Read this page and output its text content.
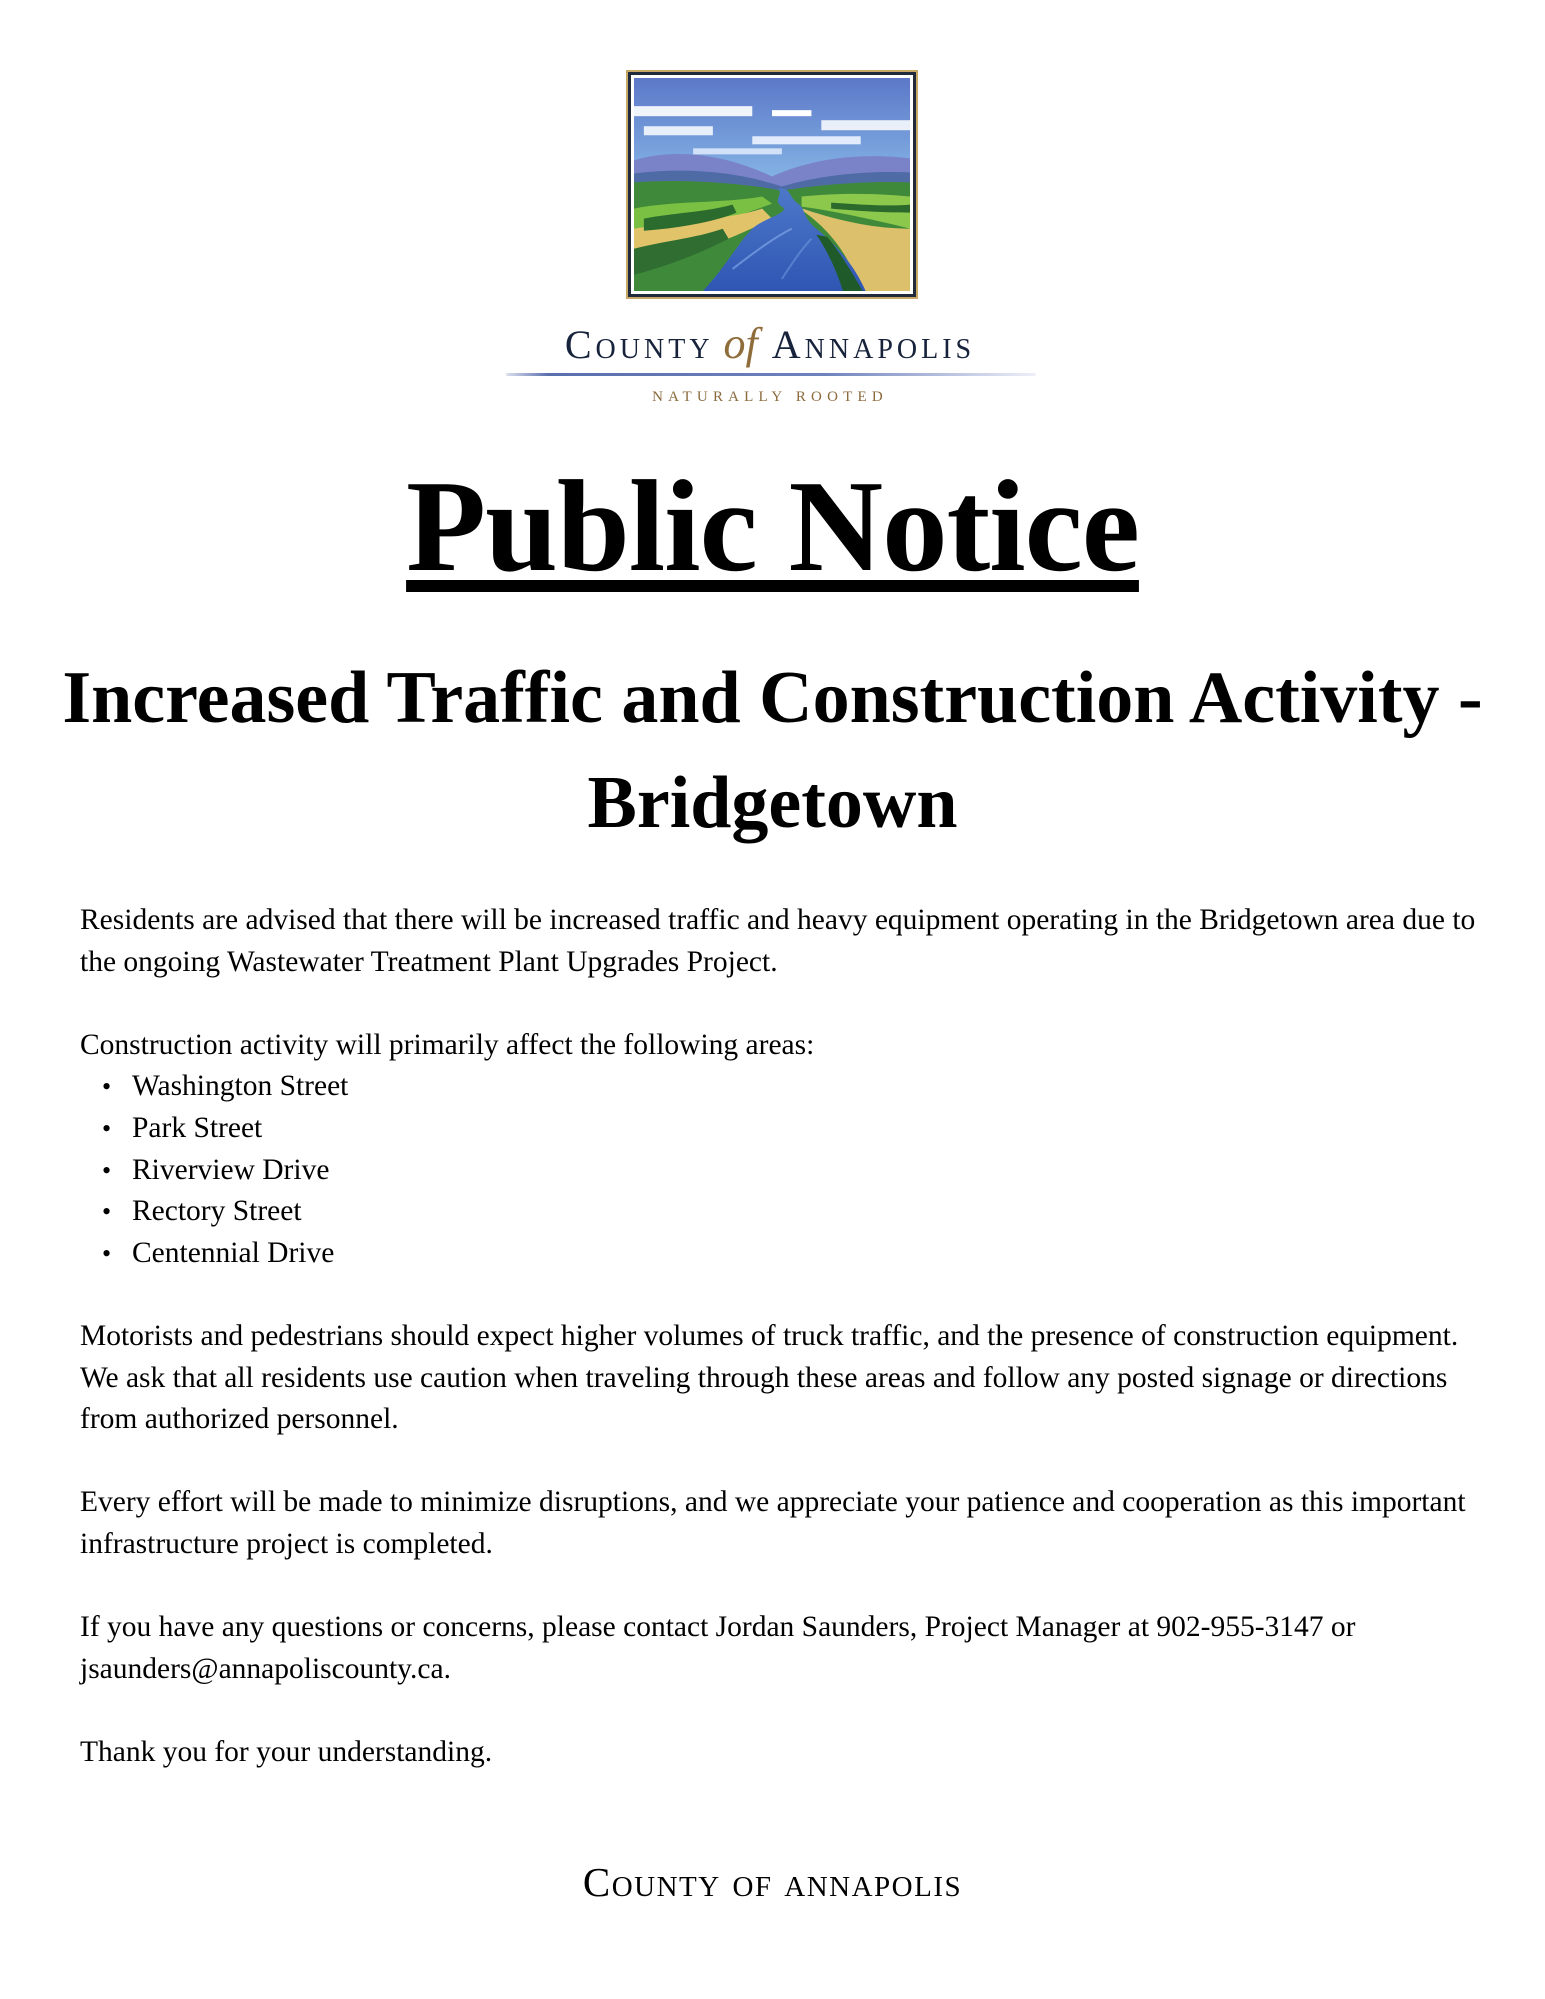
County of Annapolis
NATURALLY ROOTED
Public Notice
Increased Traffic and Construction Activity - Bridgetown

Residents are advised that there will be increased traffic and heavy equipment operating in the Bridgetown area due to the ongoing Wastewater Treatment Plant Upgrades Project.

Construction activity will primarily affect the following areas:

• Washington Street
• Park Street
• Riverview Drive
• Rectory Street
• Centennial Drive

Motorists and pedestrians should expect higher volumes of truck traffic, and the presence of construction equipment. We ask that all residents use caution when traveling through these areas and follow any posted signage or directions from authorized personnel.

Every effort will be made to minimize disruptions, and we appreciate your patience and cooperation as this important infrastructure project is completed.

If you have any questions or concerns, please contact Jordan Saunders, Project Manager at 902-955-3147 or jsaunders@annapoliscounty.ca.

Thank you for your understanding.

County of annapolis
